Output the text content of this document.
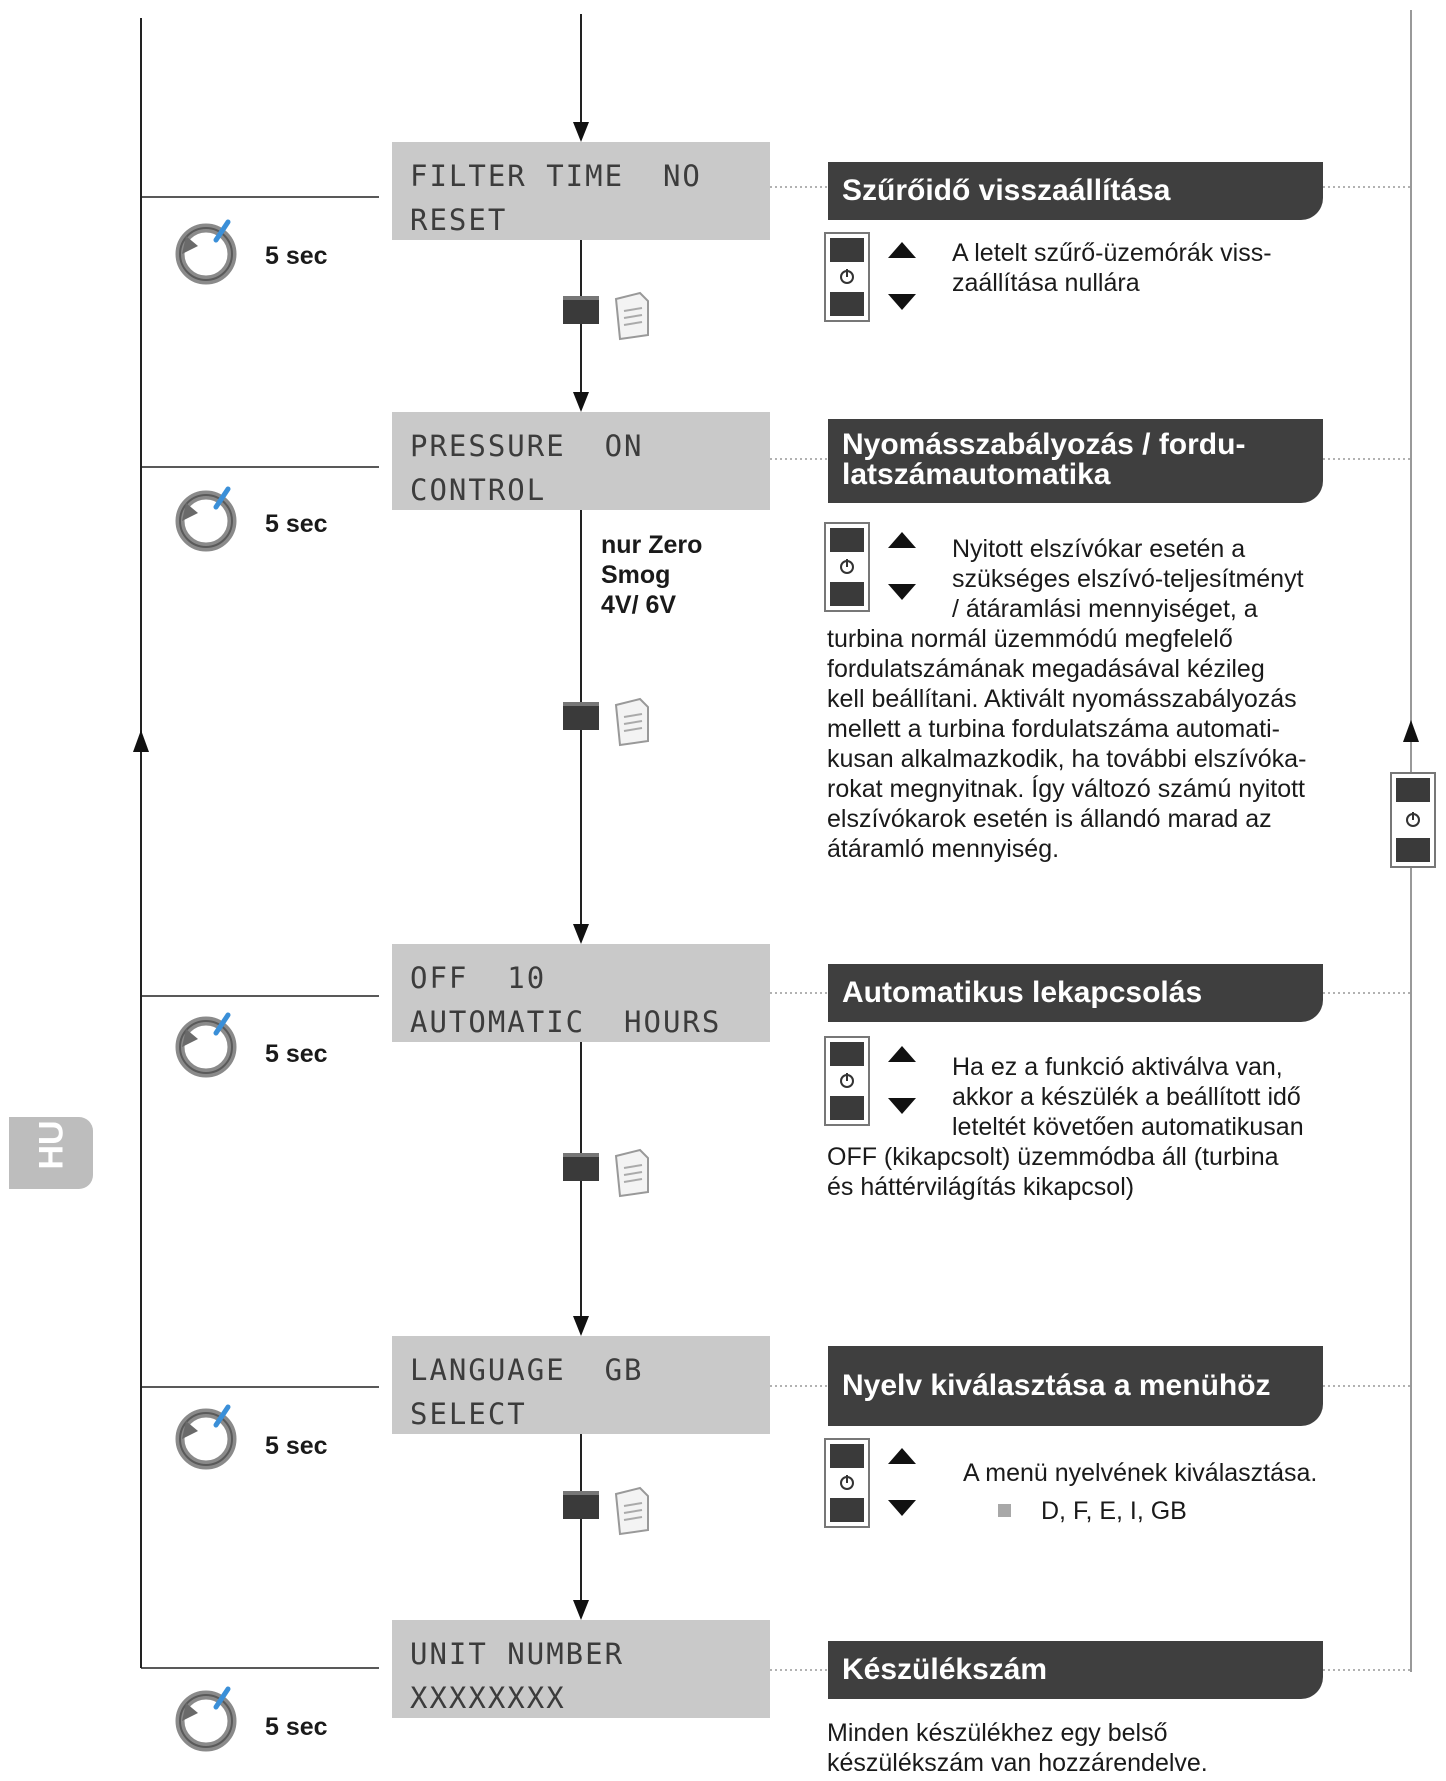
HU
nur Zero
Smog
4V/ 6V
FILTER TIME  NO
RESET
Szűrőidő visszaállítása
A letelt szűrő-üzemórák viss-
zaállítása nullára
PRESSURE  ON
CONTROL
Nyomásszabályozás / fordu-
latszámautomatika
Nyitott elszívókar esetén a
szükséges elszívó-teljesítményt
/ átáramlási mennyiséget, a
turbina normál üzemmódú megfelelő
fordulatszámának megadásával kézileg
kell beállítani. Aktivált nyomásszabályozás
mellett a turbina fordulatszáma automati-
kusan alkalmazkodik, ha további elszívóka-
rokat megnyitnak. Így változó számú nyitott
elszívókarok esetén is állandó marad az
átáramló mennyiség.
OFF  10
AUTOMATIC  HOURS
Automatikus lekapcsolás
Ha ez a funkció aktiválva van,
akkor a készülék a beállított idő
leteltét követően automatikusan
OFF (kikapcsolt) üzemmódba áll (turbina
és háttérvilágítás kikapcsol)
LANGUAGE  GB
SELECT
Nyelv kiválasztása a menühöz
A menü nyelvének kiválasztása.
D, F, E, I, GB
UNIT NUMBER
XXXXXXXX
Készülékszám
Minden készülékhez egy belső
készülékszám van hozzárendelve.
5 sec
5 sec
5 sec
5 sec
5 sec
